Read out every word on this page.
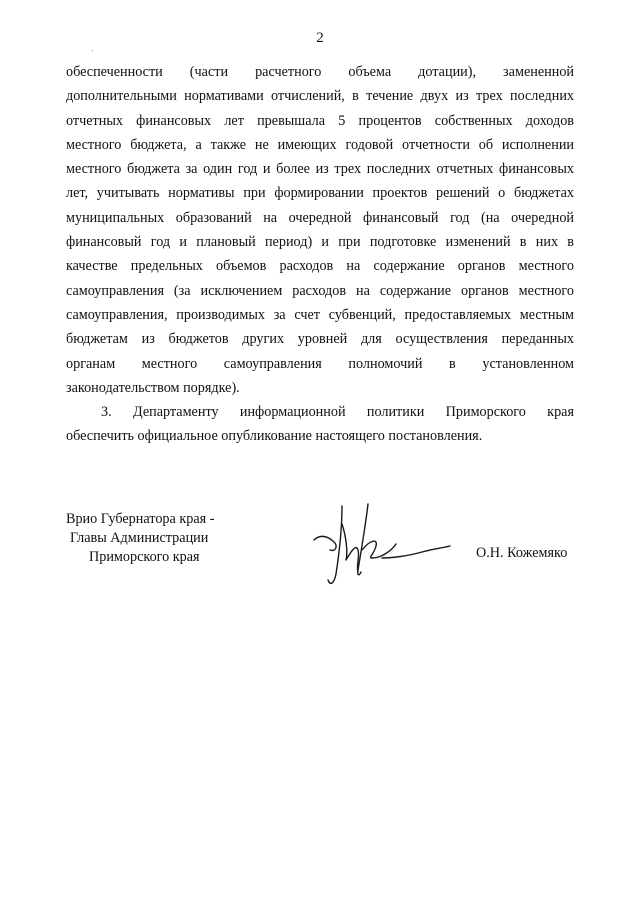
2

обеспеченности (части расчетного объема дотации), замененной
дополнительными нормативами отчислений, в течение двух из трех последних
отчетных финансовых лет превышала 5 процентов собственных доходов
местного бюджета, а также не имеющих годовой отчетности об исполнении
местного бюджета за один год и более из трех последних отчетных финансовых
лет, учитывать нормативы при формировании проектов решений о бюджетах
муниципальных образований на очередной финансовый год (на очередной
финансовый год и плановый период) и при подготовке изменений в них в
качестве предельных объемов расходов на содержание органов местного
самоуправления (за исключением расходов на содержание органов местного
самоуправления, производимых за счет субвенций, предоставляемых местным
бюджетам из бюджетов других уровней для осуществления переданных
органам местного самоуправления полномочий в установленном
законодательством порядке).

3. Департаменту информационной политики Приморского края
обеспечить официальное опубликование настоящего постановления.

Врио Губернатора края -
Главы Администрации
Приморского края	О.Н. Кожемяко
